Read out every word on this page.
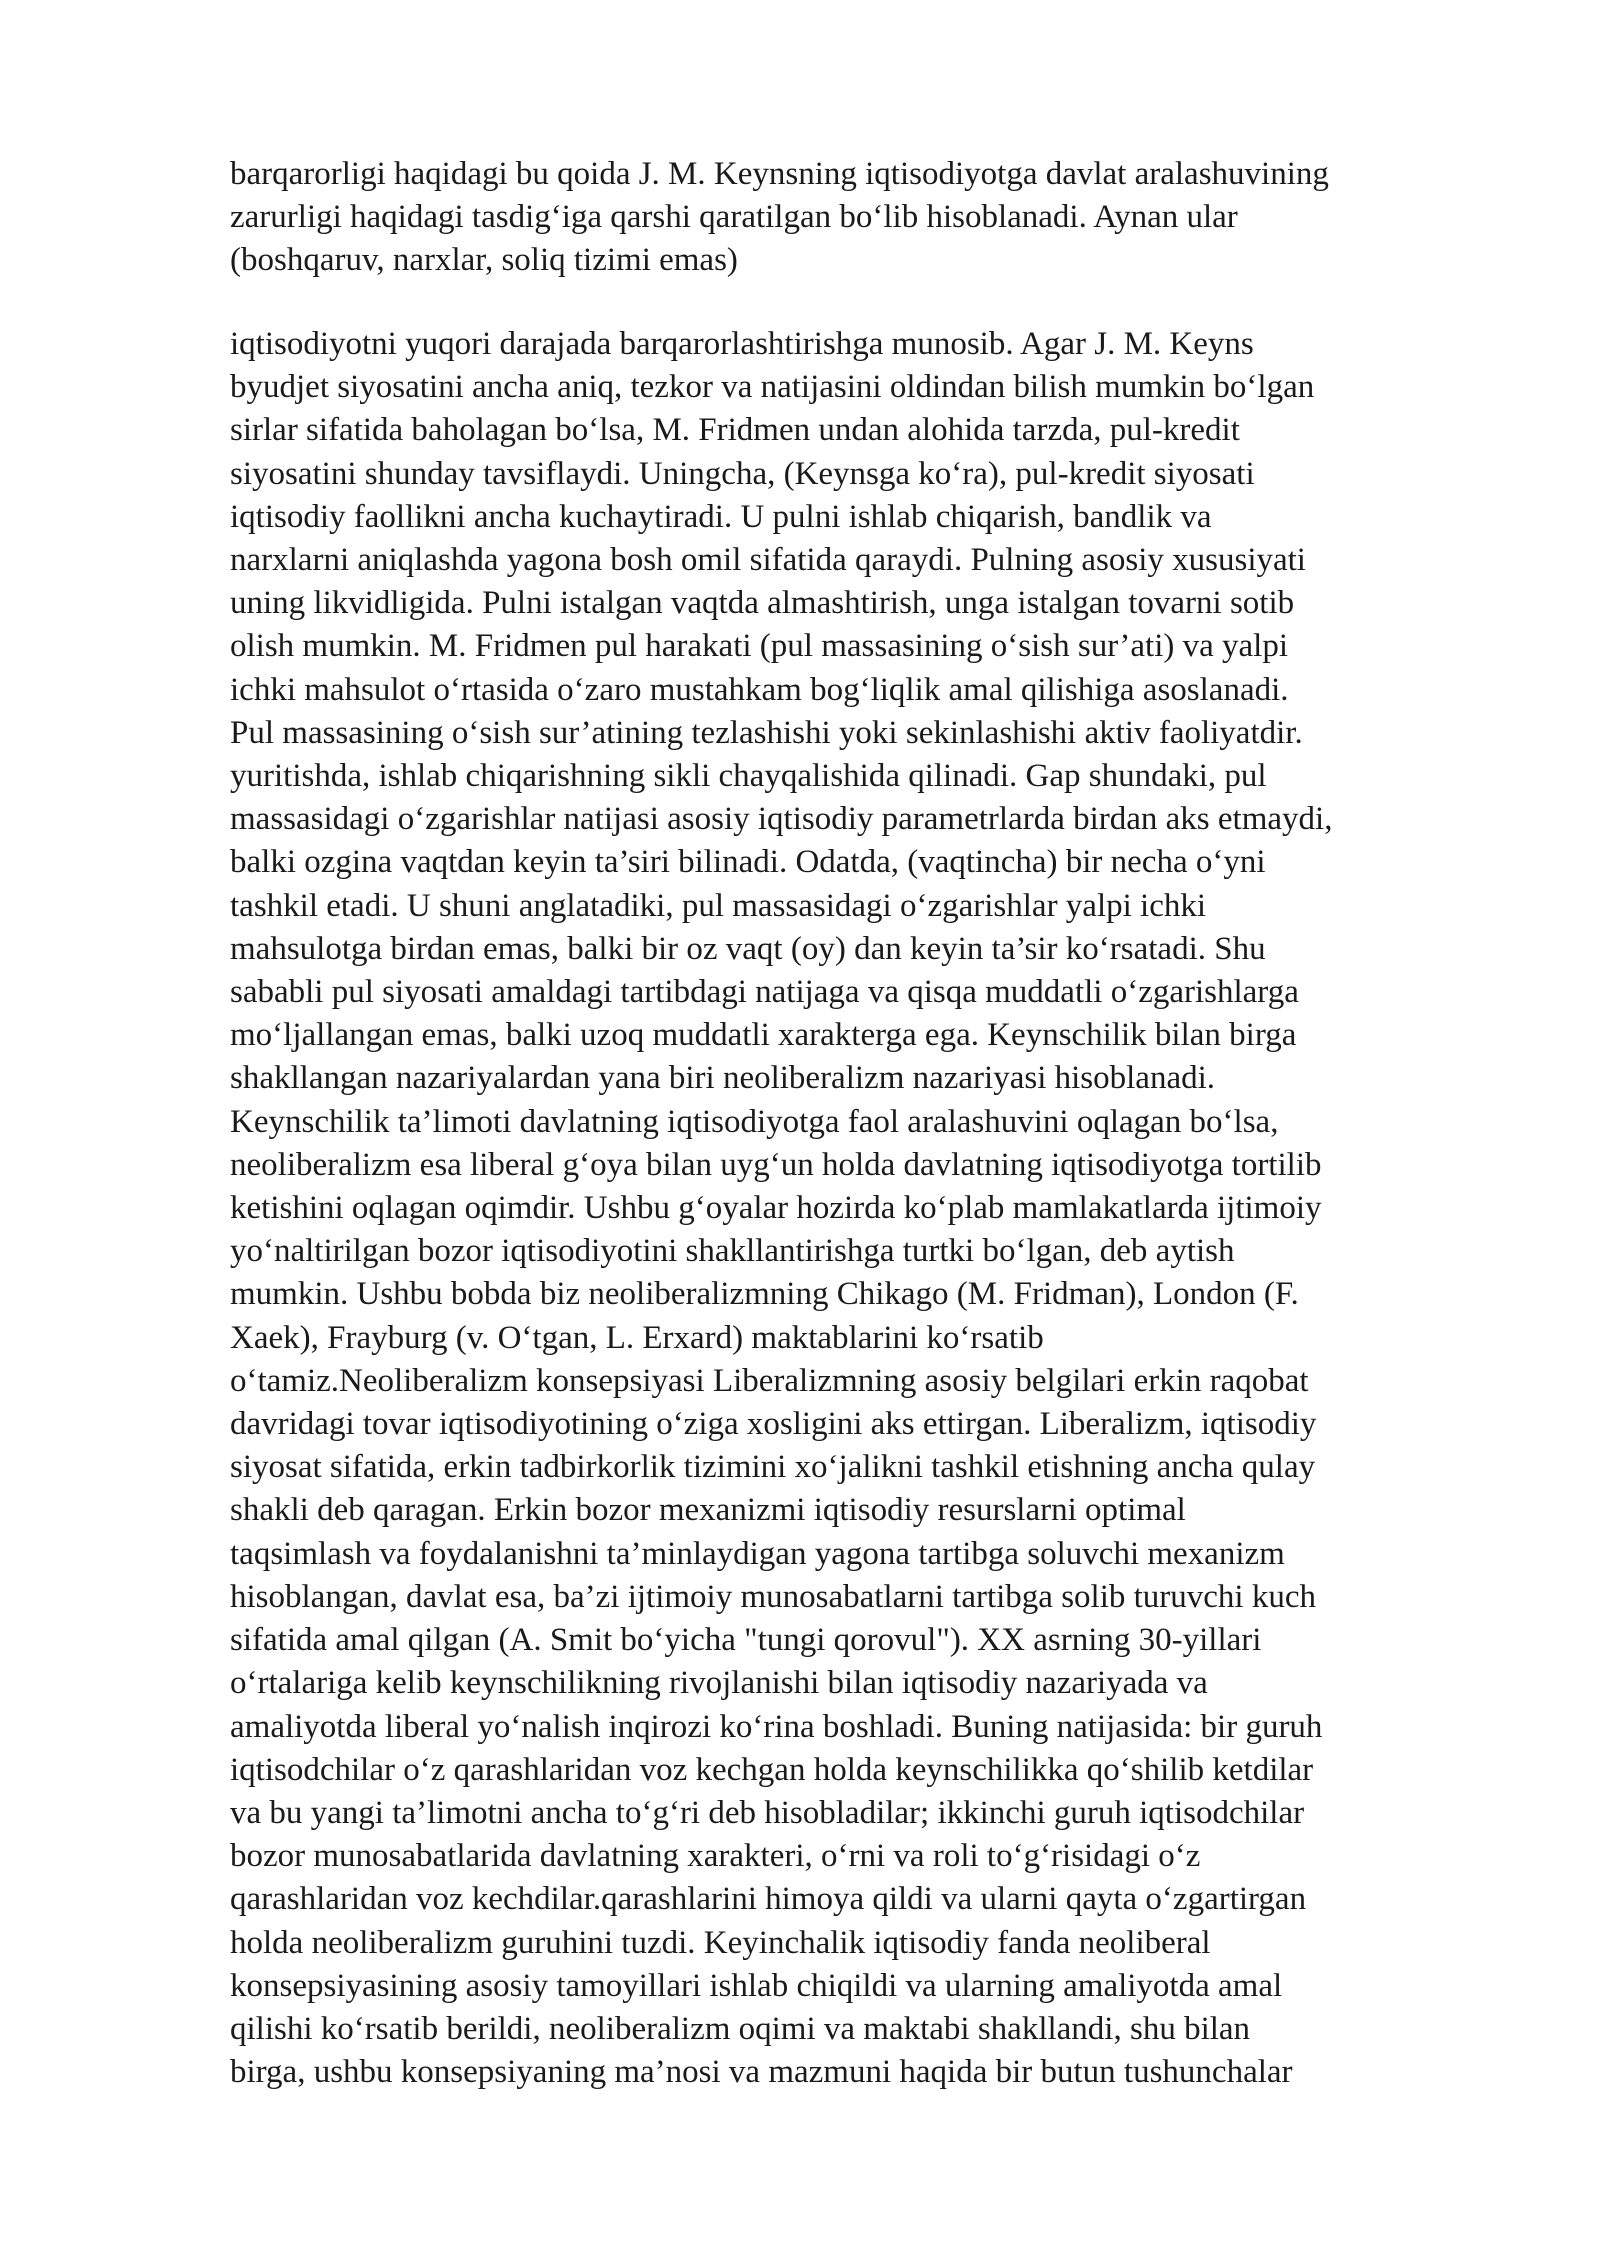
barqarorligi haqidagi bu qoida J. M. Keynsning iqtisodiyotga davlat aralashuvining
zarurligi haqidagi tasdig‘iga qarshi qaratilgan bo‘lib hisoblanadi. Aynan ular
(boshqaruv, narxlar, soliq tizimi emas)
iqtisodiyotni yuqori darajada barqarorlashtirishga munosib. Agar J. M. Keyns
byudjet siyosatini ancha aniq, tezkor va natijasini oldindan bilish mumkin bo‘lgan
sirlar sifatida baholagan bo‘lsa, M. Fridmen undan alohida tarzda, pul-kredit
siyosatini shunday tavsiflaydi. Uningcha, (Keynsga ko‘ra), pul-kredit siyosati
iqtisodiy faollikni ancha kuchaytiradi. U pulni ishlab chiqarish, bandlik va
narxlarni aniqlashda yagona bosh omil sifatida qaraydi. Pulning asosiy xususiyati
uning likvidligida. Pulni istalgan vaqtda almashtirish, unga istalgan tovarni sotib
olish mumkin. M. Fridmen pul harakati (pul massasining o‘sish sur’ati) va yalpi
ichki mahsulot o‘rtasida o‘zaro mustahkam bog‘liqlik amal qilishiga asoslanadi.
Pul massasining o‘sish sur’atining tezlashishi yoki sekinlashishi aktiv faoliyatdir.
yuritishda, ishlab chiqarishning sikli chayqalishida qilinadi. Gap shundaki, pul
massasidagi o‘zgarishlar natijasi asosiy iqtisodiy parametrlarda birdan aks etmaydi,
balki ozgina vaqtdan keyin ta’siri bilinadi. Odatda, (vaqtincha) bir necha o‘yni
tashkil etadi. U shuni anglatadiki, pul massasidagi o‘zgarishlar yalpi ichki
mahsulotga birdan emas, balki bir oz vaqt (oy) dan keyin ta’sir ko‘rsatadi. Shu
sababli pul siyosati amaldagi tartibdagi natijaga va qisqa muddatli o‘zgarishlarga
mo‘ljallangan emas, balki uzoq muddatli xarakterga ega. Keynschilik bilan birga
shakllangan nazariyalardan yana biri neoliberalizm nazariyasi hisoblanadi.
Keynschilik ta’limoti davlatning iqtisodiyotga faol aralashuvini oqlagan bo‘lsa,
neoliberalizm esa liberal g‘oya bilan uyg‘un holda davlatning iqtisodiyotga tortilib
ketishini oqlagan oqimdir. Ushbu g‘oyalar hozirda ko‘plab mamlakatlarda ijtimoiy
yo‘naltirilgan bozor iqtisodiyotini shakllantirishga turtki bo‘lgan, deb aytish
mumkin. Ushbu bobda biz neoliberalizmning Chikago (M. Fridman), London (F.
Xaek), Frayburg (v. O‘tgan, L. Erxard) maktablarini ko‘rsatib
o‘tamiz.Neoliberalizm konsepsiyasi Liberalizmning asosiy belgilari erkin raqobat
davridagi tovar iqtisodiyotining o‘ziga xosligini aks ettirgan. Liberalizm, iqtisodiy
siyosat sifatida, erkin tadbirkorlik tizimini xo‘jalikni tashkil etishning ancha qulay
shakli deb qaragan. Erkin bozor mexanizmi iqtisodiy resurslarni optimal
taqsimlash va foydalanishni ta’minlaydigan yagona tartibga soluvchi mexanizm
hisoblangan, davlat esa, ba’zi ijtimoiy munosabatlarni tartibga solib turuvchi kuch
sifatida amal qilgan (A. Smit bo‘yicha "tungi qorovul"). XX asrning 30-yillari
o‘rtalariga kelib keynschilikning rivojlanishi bilan iqtisodiy nazariyada va
amaliyotda liberal yo‘nalish inqirozi ko‘rina boshladi. Buning natijasida: bir guruh
iqtisodchilar o‘z qarashlaridan voz kechgan holda keynschilikka qo‘shilib ketdilar
va bu yangi ta’limotni ancha to‘g‘ri deb hisobladilar; ikkinchi guruh iqtisodchilar
bozor munosabatlarida davlatning xarakteri, o‘rni va roli to‘g‘risidagi o‘z
qarashlaridan voz kechdilar.qarashlarini himoya qildi va ularni qayta o‘zgartirgan
holda neoliberalizm guruhini tuzdi. Keyinchalik iqtisodiy fanda neoliberal
konsepsiyasining asosiy tamoyillari ishlab chiqildi va ularning amaliyotda amal
qilishi ko‘rsatib berildi, neoliberalizm oqimi va maktabi shakllandi, shu bilan
birga, ushbu konsepsiyaning ma’nosi va mazmuni haqida bir butun tushunchalar
